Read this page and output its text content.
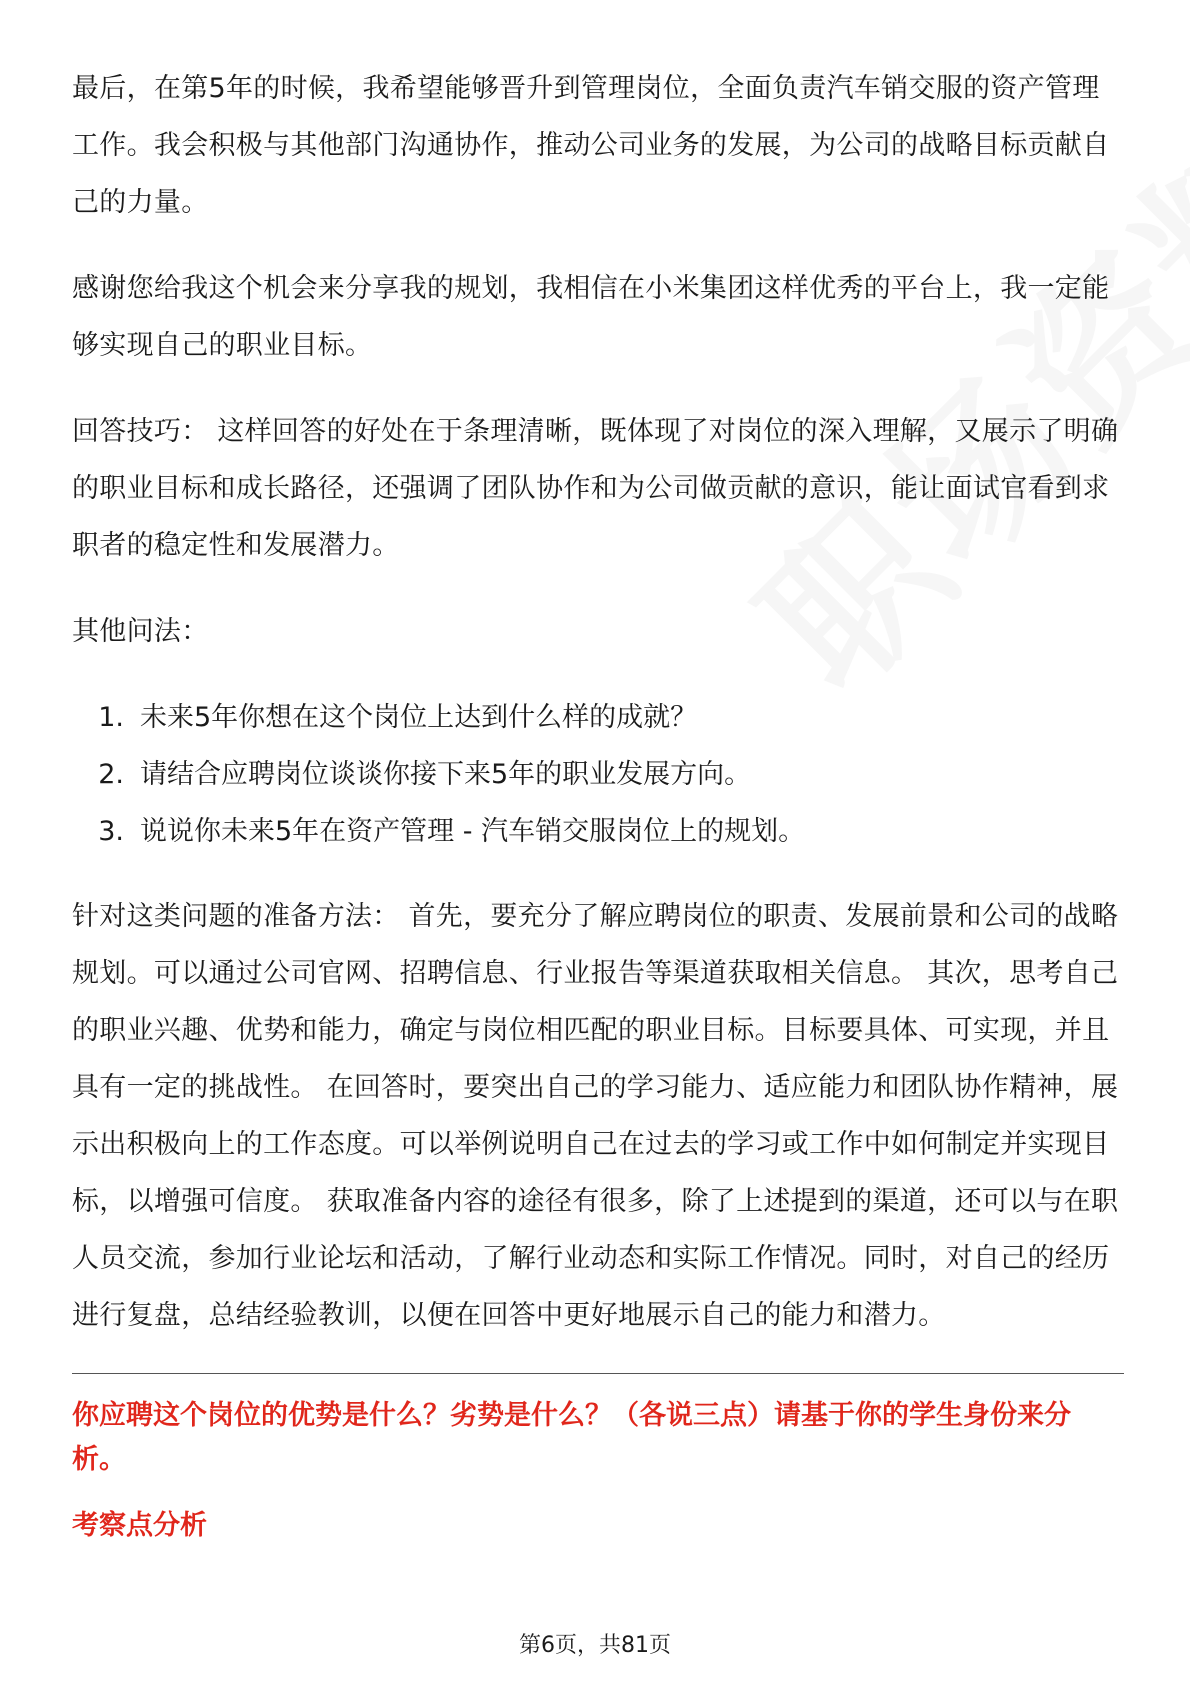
最后，在第5年的时候，我希望能够晋升到管理岗位，全面负责汽车销交服的资产管理工作。我会积极与其他部门沟通协作，推动公司业务的发展，为公司的战略目标贡献自己的力量。

感谢您给我这个机会来分享我的规划，我相信在小米集团这样优秀的平台上，我一定能够实现自己的职业目标。

回答技巧： 这样回答的好处在于条理清晰，既体现了对岗位的深入理解，又展示了明确的职业目标和成长路径，还强调了团队协作和为公司做贡献的意识，能让面试官看到求职者的稳定性和发展潜力。

其他问法：

1. 未来5年你想在这个岗位上达到什么样的成就？
2. 请结合应聘岗位谈谈你接下来5年的职业发展方向。
3. 说说你未来5年在资产管理 - 汽车销交服岗位上的规划。

针对这类问题的准备方法： 首先，要充分了解应聘岗位的职责、发展前景和公司的战略规划。可以通过公司官网、招聘信息、行业报告等渠道获取相关信息。 其次，思考自己的职业兴趣、优势和能力，确定与岗位相匹配的职业目标。目标要具体、可实现，并且具有一定的挑战性。 在回答时，要突出自己的学习能力、适应能力和团队协作精神，展示出积极向上的工作态度。可以举例说明自己在过去的学习或工作中如何制定并实现目标，以增强可信度。 获取准备内容的途径有很多，除了上述提到的渠道，还可以与在职人员交流，参加行业论坛和活动，了解行业动态和实际工作情况。同时，对自己的经历进行复盘，总结经验教训，以便在回答中更好地展示自己的能力和潜力。

你应聘这个岗位的优势是什么？劣势是什么？（各说三点）请基于你的学生身份来分析。

考察点分析

第6页，共81页
